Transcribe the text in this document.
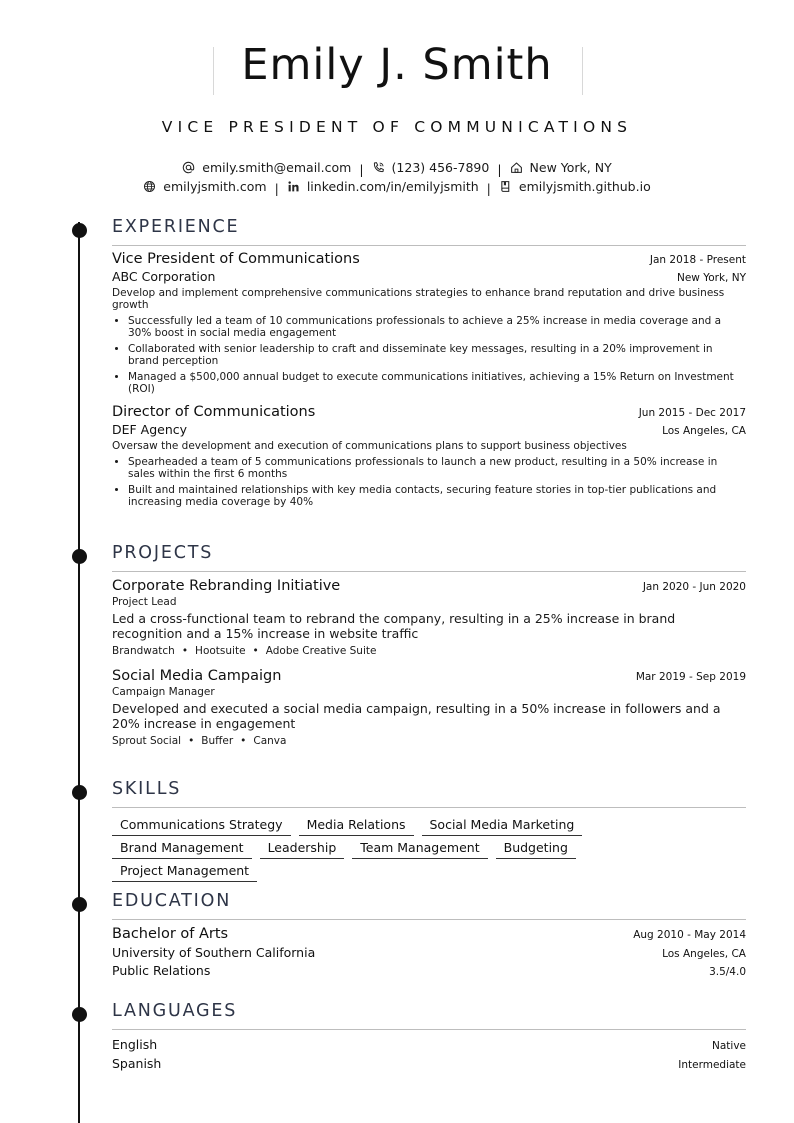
Emily J. Smith
VICE PRESIDENT OF COMMUNICATIONS
emily.smith@email.com | (123) 456-7890 | New York, NY
emilyjsmith.com | linkedin.com/in/emilyjsmith | emilyjsmith.github.io
EXPERIENCE
Vice President of Communications	Jan 2018 - Present
ABC Corporation	New York, NY
Develop and implement comprehensive communications strategies to enhance brand reputation and drive business growth
• Successfully led a team of 10 communications professionals to achieve a 25% increase in media coverage and a 30% boost in social media engagement
• Collaborated with senior leadership to craft and disseminate key messages, resulting in a 20% improvement in brand perception
• Managed a $500,000 annual budget to execute communications initiatives, achieving a 15% Return on Investment (ROI)
Director of Communications	Jun 2015 - Dec 2017
DEF Agency	Los Angeles, CA
Oversaw the development and execution of communications plans to support business objectives
• Spearheaded a team of 5 communications professionals to launch a new product, resulting in a 50% increase in sales within the first 6 months
• Built and maintained relationships with key media contacts, securing feature stories in top-tier publications and increasing media coverage by 40%
PROJECTS
Corporate Rebranding Initiative	Jan 2020 - Jun 2020
Project Lead
Led a cross-functional team to rebrand the company, resulting in a 25% increase in brand recognition and a 15% increase in website traffic
Brandwatch • Hootsuite • Adobe Creative Suite
Social Media Campaign	Mar 2019 - Sep 2019
Campaign Manager
Developed and executed a social media campaign, resulting in a 50% increase in followers and a 20% increase in engagement
Sprout Social • Buffer • Canva
SKILLS
Communications Strategy	Media Relations	Social Media Marketing
Brand Management	Leadership	Team Management	Budgeting
Project Management
EDUCATION
Bachelor of Arts	Aug 2010 - May 2014
University of Southern California	Los Angeles, CA
Public Relations	3.5/4.0
LANGUAGES
English	Native
Spanish	Intermediate
